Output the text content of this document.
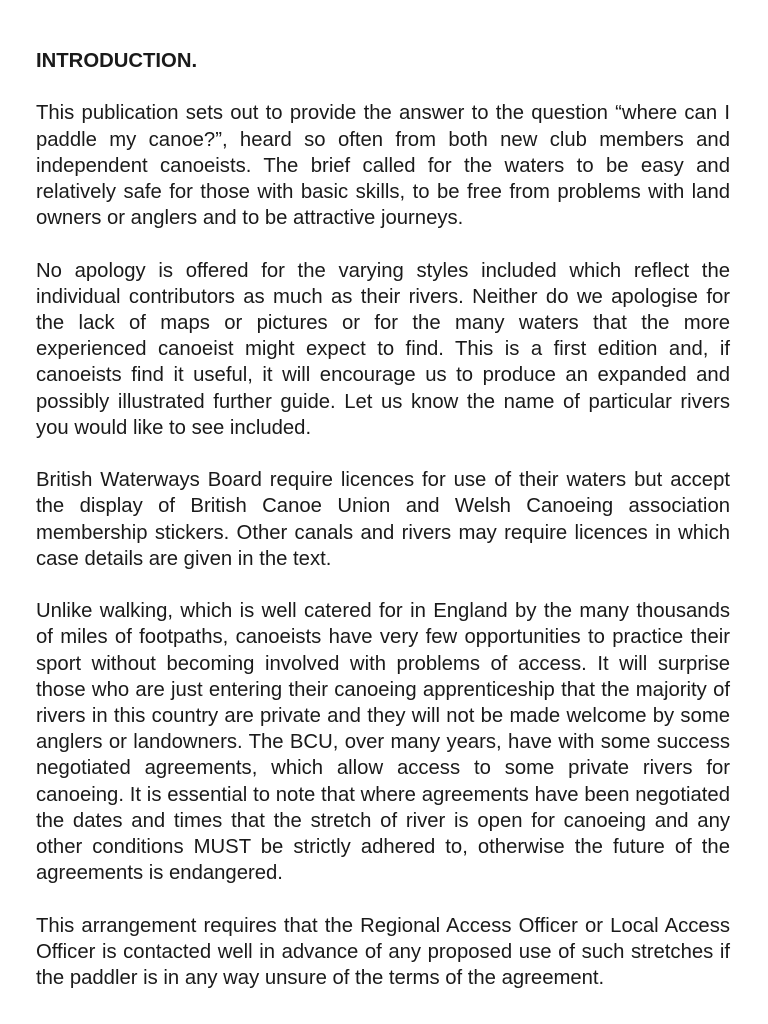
INTRODUCTION.

This publication sets out to provide the answer to the question “where can I paddle my canoe?”, heard so often from both new club members and independent canoeists. The brief called for the waters to be easy and relatively safe for those with basic skills, to be free from problems with land owners or anglers and to be attractive journeys.

No apology is offered for the varying styles included which reflect the individual contributors as much as their rivers. Neither do we apologise for the lack of maps or pictures or for the many waters that the more experienced canoeist might expect to find. This is a first edition and, if canoeists find it useful, it will encourage us to produce an expanded and possibly illustrated further guide. Let us know the name of particular rivers you would like to see included.

British Waterways Board require licences for use of their waters but accept the display of British Canoe Union and Welsh Canoeing association membership stickers. Other canals and rivers may require licences in which case details are given in the text.

Unlike walking, which is well catered for in England by the many thousands of miles of footpaths, canoeists have very few opportunities to practice their sport without becoming involved with problems of access. It will surprise those who are just entering their canoeing apprenticeship that the majority of rivers in this country are private and they will not be made welcome by some anglers or landowners. The BCU, over many years, have with some success negotiated agreements, which allow access to some private rivers for canoeing. It is essential to note that where agreements have been negotiated the dates and times that the stretch of river is open for canoeing and any other conditions MUST be strictly adhered to, otherwise the future of the agreements is endangered.

This arrangement requires that the Regional Access Officer or Local Access Officer is contacted well in advance of any proposed use of such stretches if the paddler is in any way unsure of the terms of the agreement.
